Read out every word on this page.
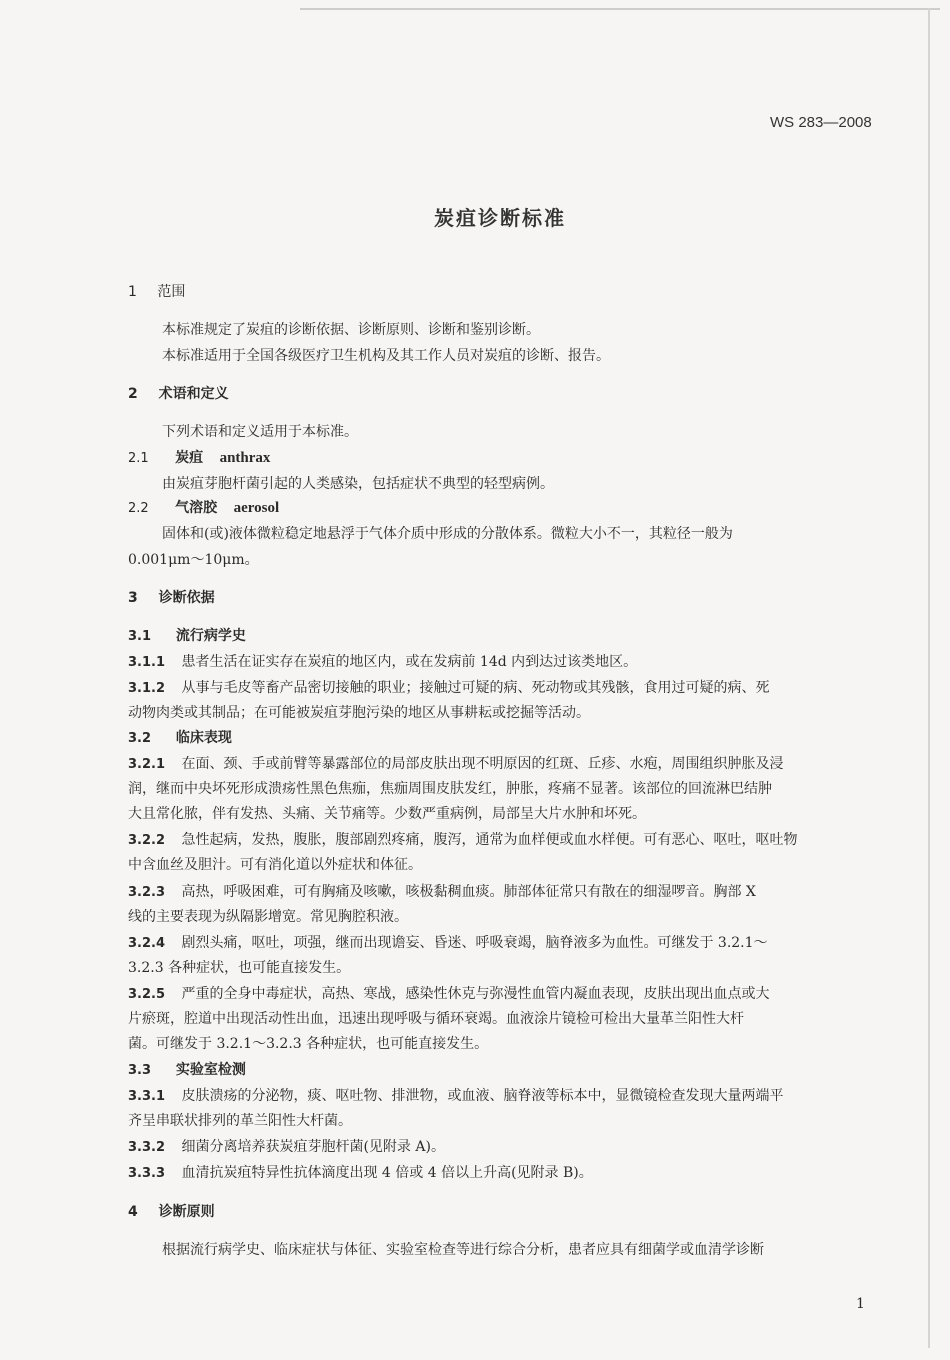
WS 283—2008
炭疽诊断标准
1 范围
本标准规定了炭疽的诊断依据、诊断原则、诊断和鉴别诊断。
本标准适用于全国各级医疗卫生机构及其工作人员对炭疽的诊断、报告。
2 术语和定义
下列术语和定义适用于本标准。
2.1 炭疽 anthrax
由炭疽芽胞杆菌引起的人类感染，包括症状不典型的轻型病例。
2.2 气溶胶 aerosol
固体和(或)液体微粒稳定地悬浮于气体介质中形成的分散体系。微粒大小不一，其粒径一般为
0.001μm～10μm。
3 诊断依据
3.1 流行病学史
3.1.1 患者生活在证实存在炭疽的地区内，或在发病前 14d 内到达过该类地区。
3.1.2 从事与毛皮等畜产品密切接触的职业；接触过可疑的病、死动物或其残骸，食用过可疑的病、死
动物肉类或其制品；在可能被炭疽芽胞污染的地区从事耕耘或挖掘等活动。
3.2 临床表现
3.2.1 在面、颈、手或前臂等暴露部位的局部皮肤出现不明原因的红斑、丘疹、水疱，周围组织肿胀及浸
润，继而中央坏死形成溃疡性黑色焦痂，焦痂周围皮肤发红，肿胀，疼痛不显著。该部位的回流淋巴结肿
大且常化脓，伴有发热、头痛、关节痛等。少数严重病例，局部呈大片水肿和坏死。
3.2.2 急性起病，发热，腹胀，腹部剧烈疼痛，腹泻，通常为血样便或血水样便。可有恶心、呕吐，呕吐物
中含血丝及胆汁。可有消化道以外症状和体征。
3.2.3 高热，呼吸困难，可有胸痛及咳嗽，咳极黏稠血痰。肺部体征常只有散在的细湿啰音。胸部 X
线的主要表现为纵隔影增宽。常见胸腔积液。
3.2.4 剧烈头痛，呕吐，项强，继而出现谵妄、昏迷、呼吸衰竭，脑脊液多为血性。可继发于 3.2.1～
3.2.3 各种症状，也可能直接发生。
3.2.5 严重的全身中毒症状，高热、寒战，感染性休克与弥漫性血管内凝血表现，皮肤出现出血点或大
片瘀斑，腔道中出现活动性出血，迅速出现呼吸与循环衰竭。血液涂片镜检可检出大量革兰阳性大杆
菌。可继发于 3.2.1～3.2.3 各种症状，也可能直接发生。
3.3 实验室检测
3.3.1 皮肤溃疡的分泌物，痰、呕吐物、排泄物，或血液、脑脊液等标本中，显微镜检查发现大量两端平
齐呈串联状排列的革兰阳性大杆菌。
3.3.2 细菌分离培养获炭疽芽胞杆菌(见附录 A)。
3.3.3 血清抗炭疽特异性抗体滴度出现 4 倍或 4 倍以上升高(见附录 B)。
4 诊断原则
根据流行病学史、临床症状与体征、实验室检查等进行综合分析，患者应具有细菌学或血清学诊断
1
